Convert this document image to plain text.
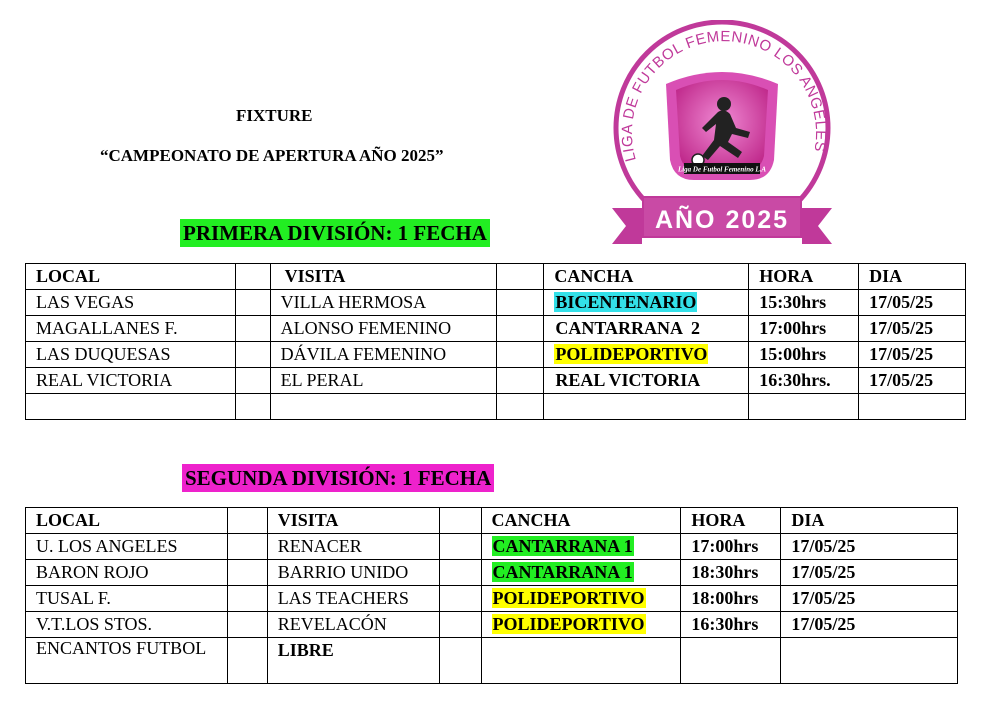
FIXTURE
“CAMPEONATO DE APERTURA AÑO 2025”	LIGA DE FUTBOL FEMENINO LOS ANGELES
Liga De Futbol Femenino L.A
AÑO 2025
PRIMERA DIVISIÓN: 1 FECHA
LOCAL		VISITA		CANCHA	HORA	DIA
LAS VEGAS		VILLA HERMOSA		BICENTENARIO	15:30hrs	17/05/25
MAGALLANES F.		ALONSO FEMENINO		CANTARRANA  2	17:00hrs	17/05/25
LAS DUQUESAS		DÁVILA FEMENINO		POLIDEPORTIVO	15:00hrs	17/05/25
REAL VICTORIA		EL PERAL		REAL VICTORIA	16:30hrs.	17/05/25

SEGUNDA DIVISIÓN: 1 FECHA
LOCAL		VISITA		CANCHA	HORA	DIA
U. LOS ANGELES		RENACER		CANTARRANA 1	17:00hrs	17/05/25
BARON ROJO		BARRIO UNIDO		CANTARRANA 1	18:30hrs	17/05/25
TUSAL F.		LAS TEACHERS		POLIDEPORTIVO	18:00hrs	17/05/25
V.T.LOS STOS.		REVELACÓN		POLIDEPORTIVO	16:30hrs	17/05/25
ENCANTOS FUTBOL		LIBRE				
